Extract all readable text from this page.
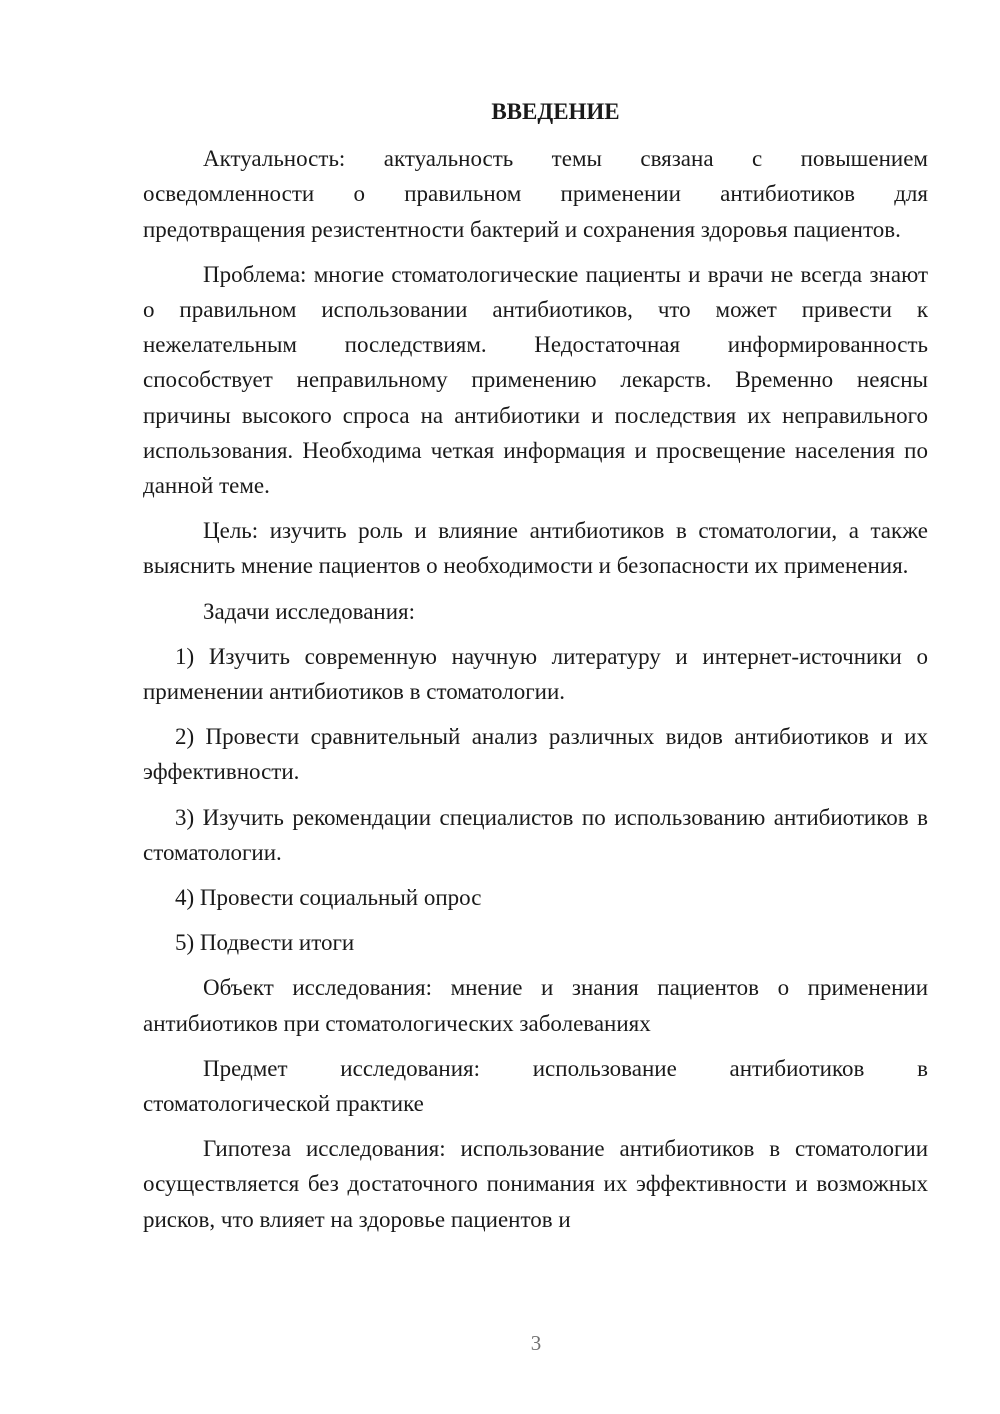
ВВЕДЕНИЕ

Актуальность: актуальность темы связана с повышением осведомленности о правильном применении антибиотиков для предотвращения резистентности бактерий и сохранения здоровья пациентов.

Проблема: многие стоматологические пациенты и врачи не всегда знают о правильном использовании антибиотиков, что может привести к нежелательным последствиям. Недостаточная информированность способствует неправильному применению лекарств. Временно неясны причины высокого спроса на антибиотики и последствия их неправильного использования. Необходима четкая информация и просвещение населения по данной теме.

Цель: изучить роль и влияние антибиотиков в стоматологии, а также выяснить мнение пациентов о необходимости и безопасности их применения.

Задачи исследования:

1) Изучить современную научную литературу и интернет-источники о применении антибиотиков в стоматологии.

2) Провести сравнительный анализ различных видов антибиотиков и их эффективности.

3) Изучить рекомендации специалистов по использованию антибиотиков в стоматологии.

4) Провести социальный опрос

5) Подвести итоги

Объект исследования: мнение и знания пациентов о применении антибиотиков при стоматологических заболеваниях

Предмет исследования: использование антибиотиков в стоматологической практике

Гипотеза исследования: использование антибиотиков в стоматологии осуществляется без достаточного понимания их эффективности и возможных рисков, что влияет на здоровье пациентов и

3
